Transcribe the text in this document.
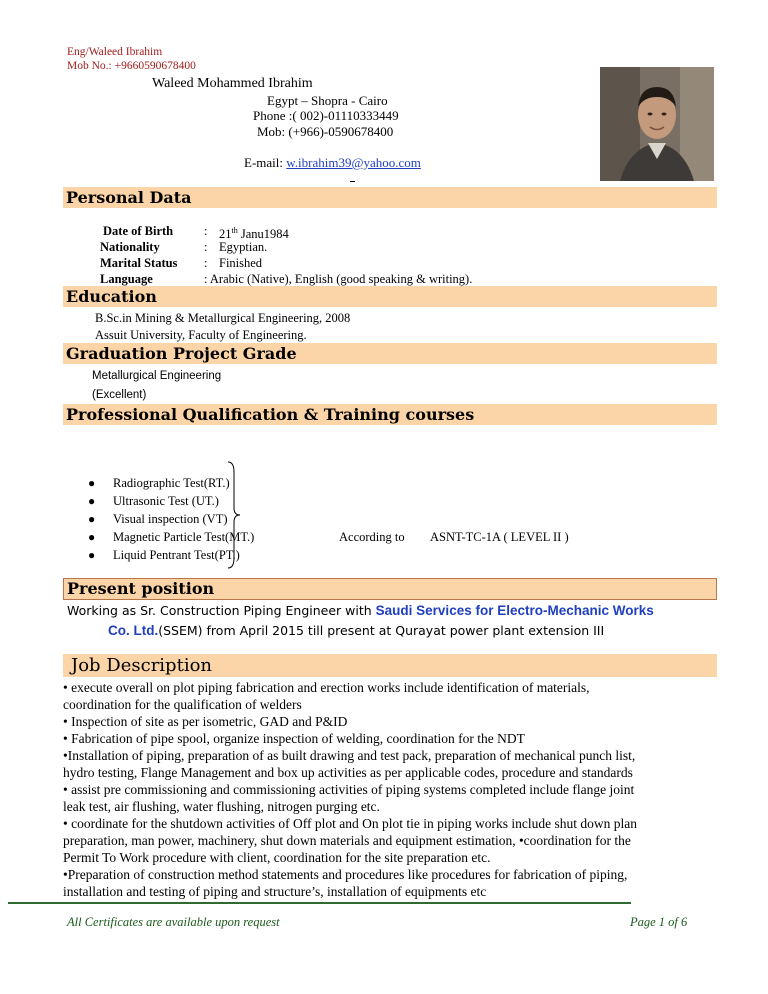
Eng/Waleed Ibrahim
Mob No.: +9660590678400
Waleed Mohammed Ibrahim
Egypt – Shopra - Cairo
Phone :( 002)-01110333449
Mob: (+966)-0590678400
E-mail: w.ibrahim39@yahoo.com
Personal Data
Date of Birth : 21th Janu1984
Nationality	: Egyptian.
Marital Status : Finished
Language	: Arabic (Native), English (good speaking & writing).
Education
B.Sc.in Mining & Metallurgical Engineering, 2008
Assuit University, Faculty of Engineering.
Graduation Project Grade
Metallurgical Engineering
(Excellent)
Professional Qualification & Training courses
● Radiographic Test(RT.)
● Ultrasonic Test (UT.)
● Visual inspection (VT)
● Magnetic Particle Test(MT.)	According to ASNT-TC-1A ( LEVEL II )
● Liquid Pentrant Test(PT.)
Present position
Working as Sr. Construction Piping Engineer with Saudi Services for Electro-Mechanic Works
Co. Ltd.(SSEM) from April 2015 till present at Qurayat power plant extension III
Job Description
• execute overall on plot piping fabrication and erection works include identification of materials,
coordination for the qualification of welders
• Inspection of site as per isometric, GAD and P&ID
• Fabrication of pipe spool, organize inspection of welding, coordination for the NDT
•Installation of piping, preparation of as built drawing and test pack, preparation of mechanical punch list,
hydro testing, Flange Management and box up activities as per applicable codes, procedure and standards
• assist pre commissioning and commissioning activities of piping systems completed include flange joint
leak test, air flushing, water flushing, nitrogen purging etc.
• coordinate for the shutdown activities of Off plot and On plot tie in piping works include shut down plan
preparation, man power, machinery, shut down materials and equipment estimation, •coordination for the
Permit To Work procedure with client, coordination for the site preparation etc.
•Preparation of construction method statements and procedures like procedures for fabrication of piping,
installation and testing of piping and structure’s, installation of equipments etc
All Certificates are available upon request	Page 1 of 6
